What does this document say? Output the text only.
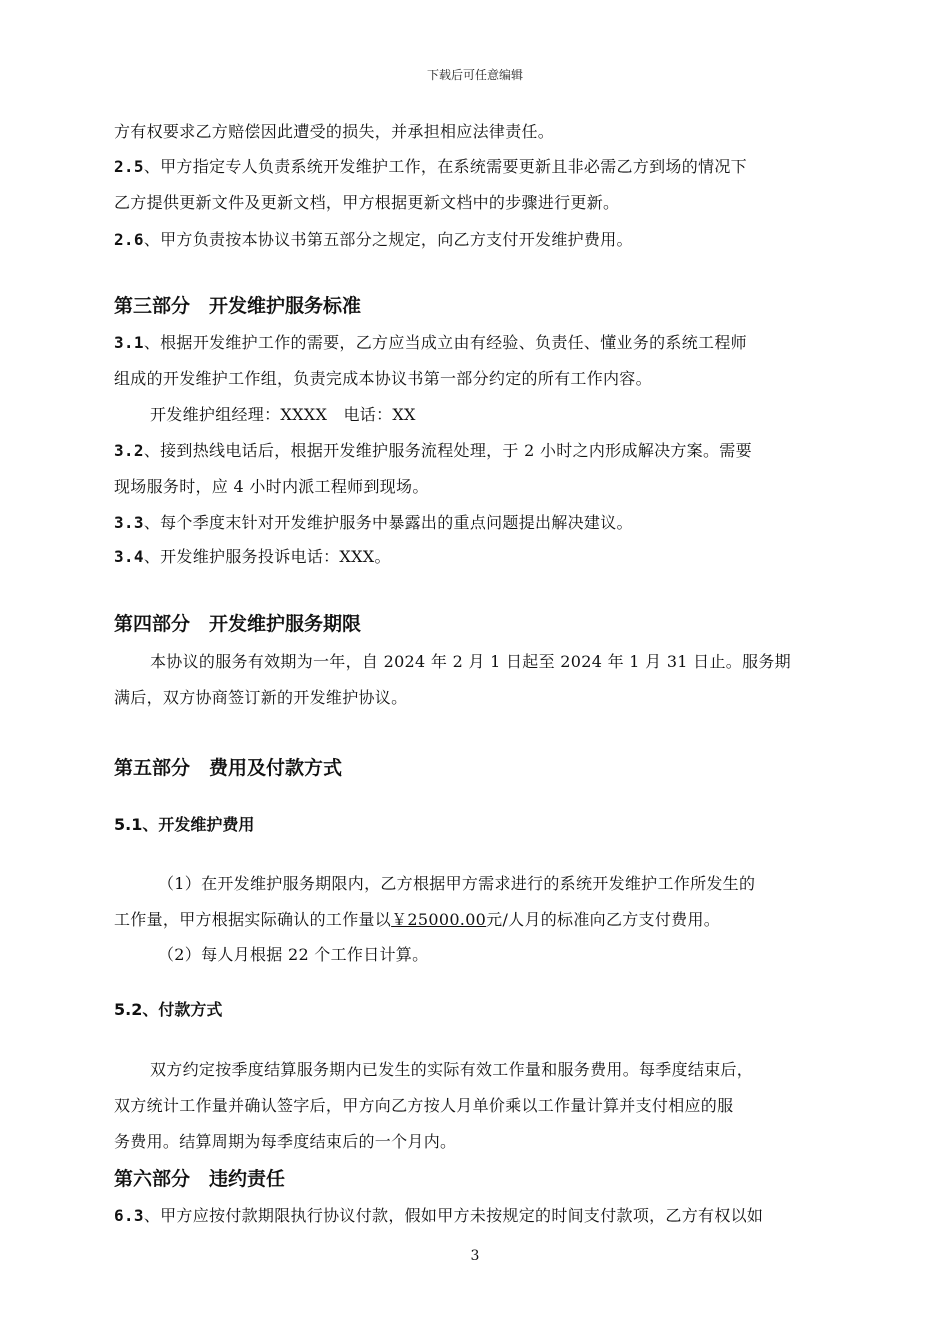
下载后可任意编辑
方有权要求乙方赔偿因此遭受的损失，并承担相应法律责任。
2.5、甲方指定专人负责系统开发维护工作，在系统需要更新且非必需乙方到场的情况下
乙方提供更新文件及更新文档，甲方根据更新文档中的步骤进行更新。
2.6、甲方负责按本协议书第五部分之规定，向乙方支付开发维护费用。
第三部分　开发维护服务标准
3.1、根据开发维护工作的需要，乙方应当成立由有经验、负责任、懂业务的系统工程师
组成的开发维护工作组，负责完成本协议书第一部分约定的所有工作内容。
开发维护组经理：XXXX　电话：XX
3.2、接到热线电话后，根据开发维护服务流程处理，于 2 小时之内形成解决方案。需要
现场服务时，应 4 小时内派工程师到现场。
3.3、每个季度末针对开发维护服务中暴露出的重点问题提出解决建议。
3.4、开发维护服务投诉电话：XXX。
第四部分　开发维护服务期限
本协议的服务有效期为一年，自 2024 年 2 月 1 日起至 2024 年 1 月 31 日止。服务期
满后，双方协商签订新的开发维护协议。
第五部分　费用及付款方式
5.1、开发维护费用
（1）在开发维护服务期限内，乙方根据甲方需求进行的系统开发维护工作所发生的
工作量，甲方根据实际确认的工作量以￥25000.00元/人月的标准向乙方支付费用。
（2）每人月根据 22 个工作日计算。
5.2、付款方式
双方约定按季度结算服务期内已发生的实际有效工作量和服务费用。每季度结束后，
双方统计工作量并确认签字后，甲方向乙方按人月单价乘以工作量计算并支付相应的服
务费用。结算周期为每季度结束后的一个月内。
第六部分　违约责任
6.3、甲方应按付款期限执行协议付款，假如甲方未按规定的时间支付款项，乙方有权以如
3
